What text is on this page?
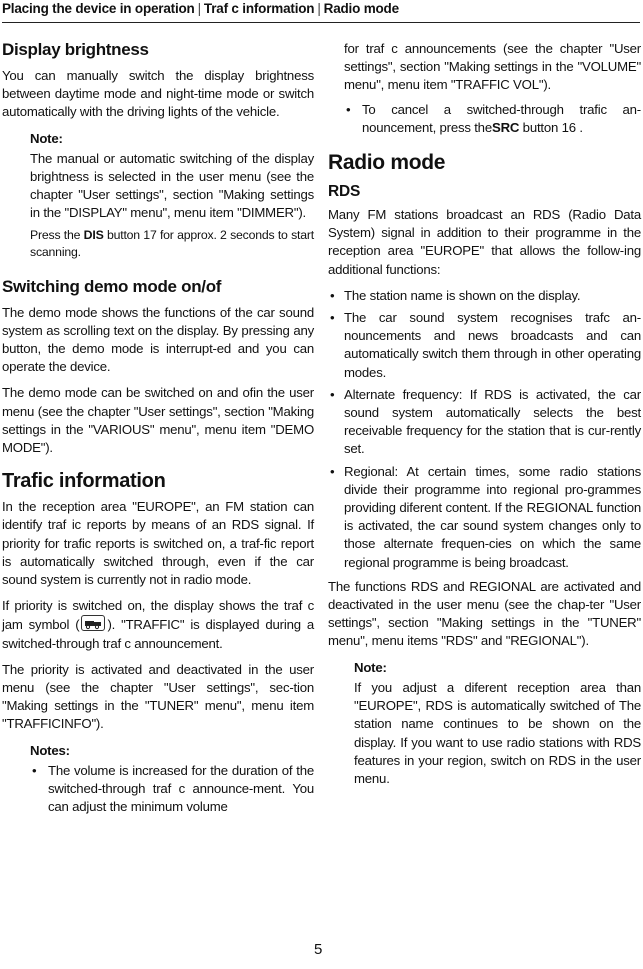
Placing the device in operation | Traf c information | Radio mode
Display brightness

You can manually switch the display brightness between daytime mode and night-time mode or switch automatically with the driving lights of the vehicle.

Note:

The manual or automatic switching of the display brightness is selected in the user menu (see the chapter "User settings", section "Making settings in the "DISPLAY" menu", menu item "DIMMER").

Press the DIS button 17 for approx. 2 seconds to start scanning.

Switching demo mode on/of

The demo mode shows the functions of the car sound system as scrolling text on the display. By pressing any button, the demo mode is interrupt-ed and you can operate the device.

The demo mode can be switched on and ofin the user menu (see the chapter "User settings", section "Making settings in the "VARIOUS" menu", menu item "DEMO MODE").

Trafic information

In the reception area "EUROPE", an FM station can identify traf ic reports by means of an RDS signal. If priority for trafic reports is switched on, a traf-fic report is automatically switched through, even if the car sound system is currently not in radio mode.

If priority is switched on, the display shows the traf c jam symbol ( ). "TRAFFIC" is displayed during a switched-through traf c announcement.

The priority is activated and deactivated in the user menu (see the chapter "User settings", sec-tion "Making settings in the "TUNER" menu", menu item "TRAFFICINFO").

Notes:
• The volume is increased for the duration of the switched-through traf c announce-ment. You can adjust the minimum volume

for traf c announcements (see the chapter "User settings", section "Making settings in the "VOLUME" menu", menu item "TRAFFIC VOL").

• To cancel a switched-through trafic an-nouncement, press theSRC button 16 .
Radio mode
RDS

Many FM stations broadcast an RDS (Radio Data System) signal in addition to their programme in the reception area "EUROPE" that allows the follow-ing additional functions:

• The station name is shown on the display.
• The car sound system recognises trafc an-nouncements and news broadcasts and can automatically switch them through in other operating modes.
• Alternate frequency: If RDS is activated, the car sound system automatically selects the best receivable frequency for the station that is cur-rently set.
• Regional: At certain times, some radio stations divide their programme into regional pro-grammes providing diferent content. If the REGIONAL function is activated, the car sound system changes only to those alternate frequen-cies on which the same regional programme is being broadcast.

The functions RDS and REGIONAL are activated and deactivated in the user menu (see the chap-ter "User settings", section "Making settings in the "TUNER" menu", menu items "RDS" and "REGIONAL").

Note:

If you adjust a diferent reception area than "EUROPE", RDS is automatically switched of The station name continues to be shown on the display. If you want to use radio stations with RDS features in your region, switch on RDS in the user menu.

5
